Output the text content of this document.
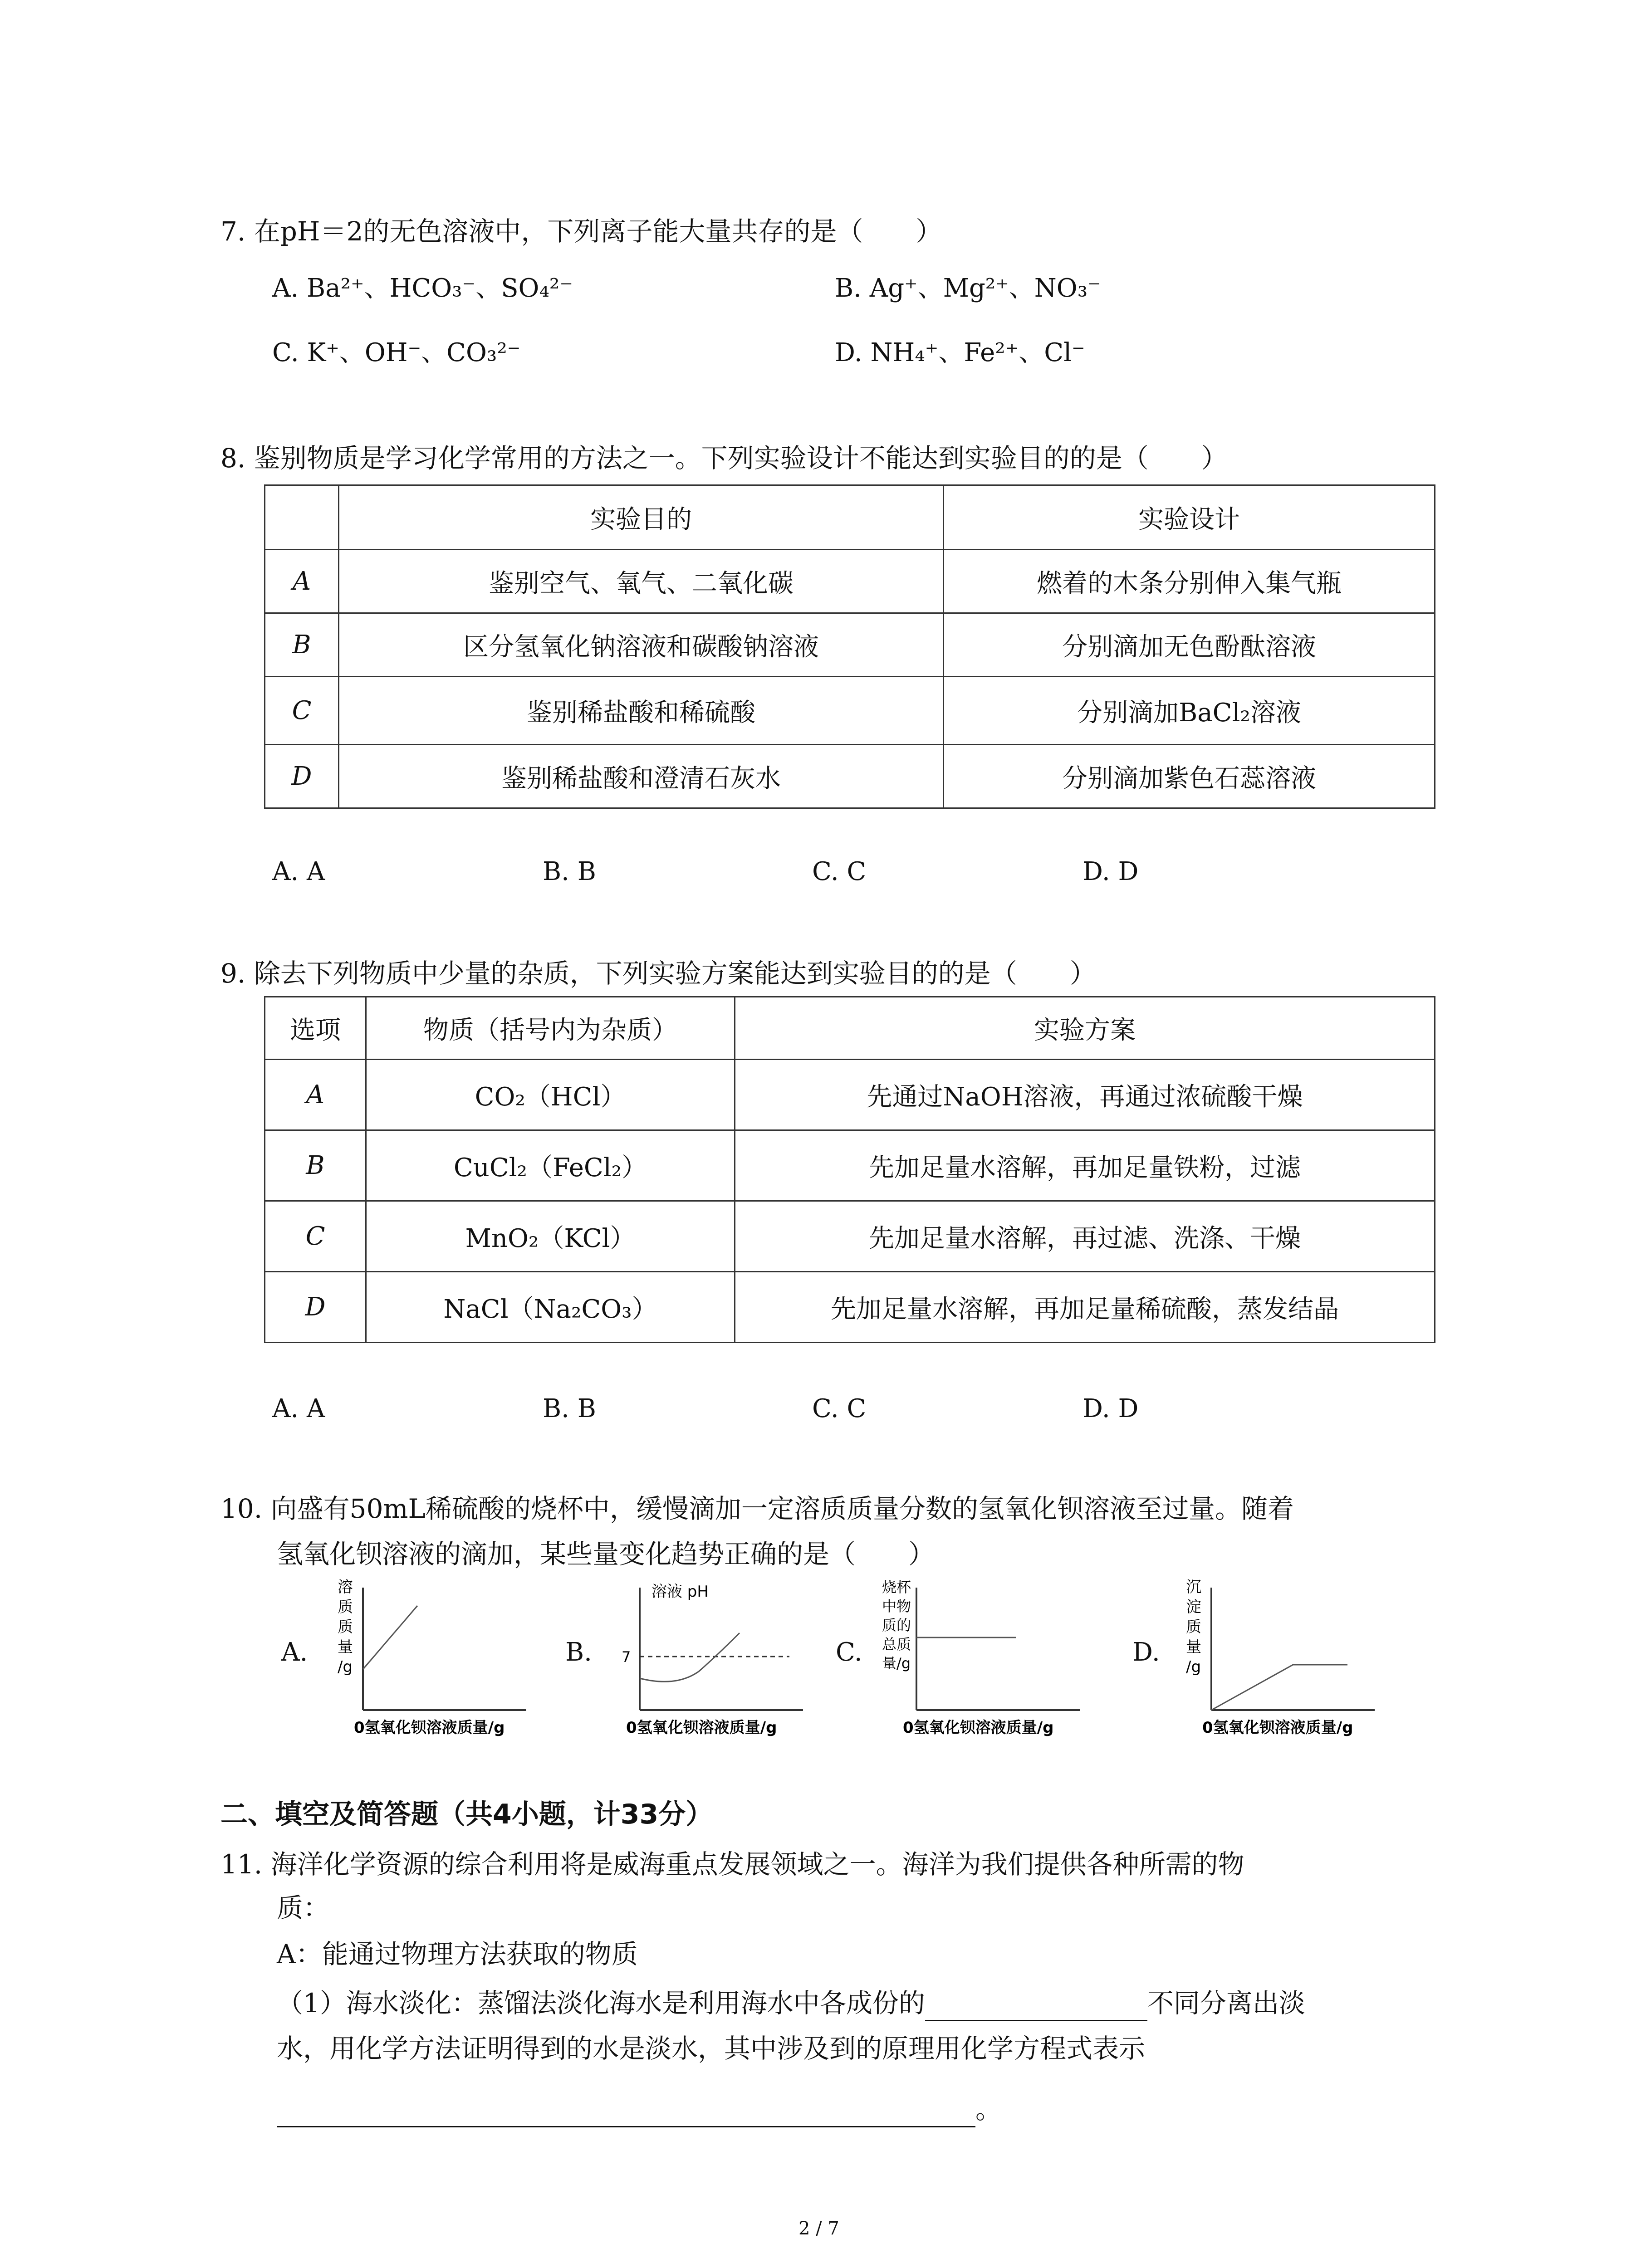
7. 在pH＝2的无色溶液中，下列离子能大量共存的是（　　）
A. Ba²⁺、HCO₃⁻、SO₄²⁻	B. Ag⁺、Mg²⁺、NO₃⁻
C. K⁺、OH⁻、CO₃²⁻	D. NH₄⁺、Fe²⁺、Cl⁻
8. 鉴别物质是学习化学常用的方法之一。下列实验设计不能达到实验目的的是（　　）
	实验目的	实验设计
A	鉴别空气、氧气、二氧化碳	燃着的木条分别伸入集气瓶
B	区分氢氧化钠溶液和碳酸钠溶液	分别滴加无色酚酞溶液
C	鉴别稀盐酸和稀硫酸	分别滴加BaCl₂溶液
D	鉴别稀盐酸和澄清石灰水	分别滴加紫色石蕊溶液
A. A	B. B	C. C	D. D
9. 除去下列物质中少量的杂质，下列实验方案能达到实验目的的是（　　）
选项	物质（括号内为杂质）	实验方案
A	CO₂（HCl）	先通过NaOH溶液，再通过浓硫酸干燥
B	CuCl₂（FeCl₂）	先加足量水溶解，再加足量铁粉，过滤
C	MnO₂（KCl）	先加足量水溶解，再过滤、洗涤、干燥
D	NaCl（Na₂CO₃）	先加足量水溶解，再加足量稀硫酸，蒸发结晶
A. A	B. B	C. C	D. D
10. 向盛有50mL稀硫酸的烧杯中，缓慢滴加一定溶质质量分数的氢氧化钡溶液至过量。随着
氢氧化钡溶液的滴加，某些量变化趋势正确的是（　　）
A.
溶
质
质
量
/g
0氢氧化钡溶液质量/g
B.
溶液 pH
7
0氢氧化钡溶液质量/g
C.
烧杯
中物
质的
总质
量/g
0氢氧化钡溶液质量/g
D.
沉
淀
质
量
/g
0氢氧化钡溶液质量/g
二、填空及简答题（共4小题，计33分）
11. 海洋化学资源的综合利用将是威海重点发展领域之一。海洋为我们提供各种所需的物
质：
A：能通过物理方法获取的物质
（1）海水淡化：蒸馏法淡化海水是利用海水中各成份的	不同分离出淡
水，用化学方法证明得到的水是淡水，其中涉及到的原理用化学方程式表示
。
2 / 7
